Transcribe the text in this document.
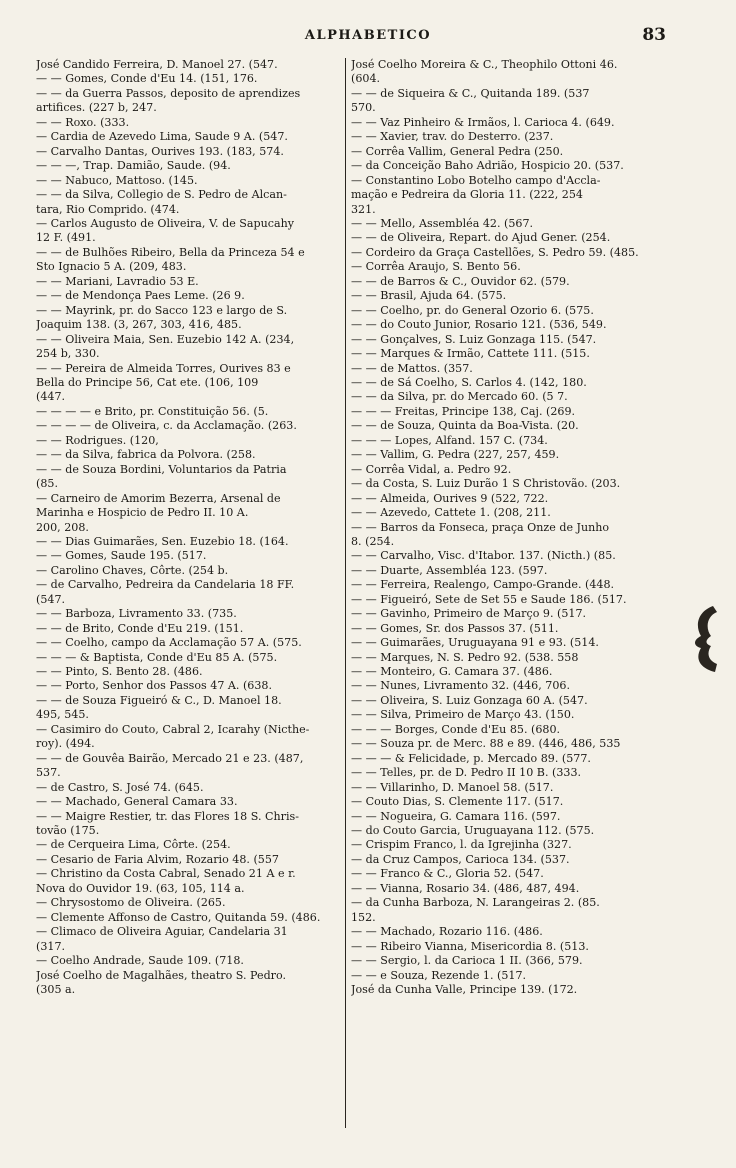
ALPHABETICO	83
José Candido Ferreira, D. Manoel 27. (547.
— — Gomes, Conde d'Eu 14. (151, 176.
— — da Guerra Passos, deposito de aprendizes
artifices. (227 b, 247.
— — Roxo. (333.
— Cardia de Azevedo Lima, Saude 9 A. (547.
— Carvalho Dantas, Ourives 193. (183, 574.
— — —, Trap. Damião, Saude. (94.
— — Nabuco, Mattoso. (145.
— — da Silva, Collegio de S. Pedro de Alcan-
tara, Rio Comprido. (474.
— Carlos Augusto de Oliveira, V. de Sapucahy
12 F. (491.
— — de Bulhões Ribeiro, Bella da Princeza 54 e
Sto Ignacio 5 A. (209, 483.
— — Mariani, Lavradio 53 E.
— — de Mendonça Paes Leme. (26 9.
— — Mayrink, pr. do Sacco 123 e largo de S.
Joaquim 138. (3, 267, 303, 416, 485.
— — Oliveira Maia, Sen. Euzebio 142 A. (234,
254 b, 330.
— — Pereira de Almeida Torres, Ourives 83 e
Bella do Principe 56, Cat ete. (106, 109
(447.
— — — — e Brito, pr. Constituição 56. (5.
— — — — de Oliveira, c. da Acclamação. (263.
— — Rodrigues. (120,
— — da Silva, fabrica da Polvora. (258.
— — de Souza Bordini, Voluntarios da Patria
(85.
— Carneiro de Amorim Bezerra, Arsenal de
Marinha e Hospicio de Pedro II. 10 A.
200, 208.
— — Dias Guimarães, Sen. Euzebio 18. (164.
— — Gomes, Saude 195. (517.
— Carolino Chaves, Côrte. (254 b.
— de Carvalho, Pedreira da Candelaria 18 FF.
(547.
— — Barboza, Livramento 33. (735.
— — de Brito, Conde d'Eu 219. (151.
— — Coelho, campo da Acclamação 57 A. (575.
— — — & Baptista, Conde d'Eu 85 A. (575.
— — Pinto, S. Bento 28. (486.
— — Porto, Senhor dos Passos 47 A. (638.
— — de Souza Figueiró & C., D. Manoel 18.
495, 545.
— Casimiro do Couto, Cabral 2, Icarahy (Nicthe-
roy). (494.
— — de Gouvêa Bairão, Mercado 21 e 23. (487,
537.
— de Castro, S. José 74. (645.
— — Machado, General Camara 33.
— — Maigre Restier, tr. das Flores 18 S. Chris-
tovão (175.
— de Cerqueira Lima, Côrte. (254.
— Cesario de Faria Alvim, Rozario 48. (557
— Christino da Costa Cabral, Senado 21 A e r.
Nova do Ouvidor 19. (63, 105, 114 a.
— Chrysostomo de Oliveira. (265.
— Clemente Affonso de Castro, Quitanda 59. (486.
— Climaco de Oliveira Aguiar, Candelaria 31
(317.
— Coelho Andrade, Saude 109. (718.
José Coelho de Magalhães, theatro S. Pedro.
(305 a.
José Coelho Moreira & C., Theophilo Ottoni 46.
(604.
— — de Siqueira & C., Quitanda 189. (537
570.
— — Vaz Pinheiro & Irmãos, l. Carioca 4. (649.
— — Xavier, trav. do Desterro. (237.
— Corrêa Vallim, General Pedra (250.
— da Conceição Baho Adrião, Hospicio 20. (537.
— Constantino Lobo Botelho campo d'Accla-
mação e Pedreira da Gloria 11. (222, 254
321.
— — Mello, Assembléa 42. (567.
— — de Oliveira, Repart. do Ajud Gener. (254.
— Cordeiro da Graça Castellões, S. Pedro 59. (485.
— Corrêa Araujo, S. Bento 56.
— — de Barros & C., Ouvidor 62. (579.
— — Brasil, Ajuda 64. (575.
— — Coelho, pr. do General Ozorio 6. (575.
— — do Couto Junior, Rosario 121. (536, 549.
— — Gonçalves, S. Luiz Gonzaga 115. (547.
— — Marques & Irmão, Cattete 111. (515.
— — de Mattos. (357.
— — de Sá Coelho, S. Carlos 4. (142, 180.
— — da Silva, pr. do Mercado 60. (5 7.
— — — Freitas, Principe 138, Caj. (269.
— — de Souza, Quinta da Boa-Vista. (20.
— — — Lopes, Alfand. 157 C. (734.
— — Vallim, G. Pedra (227, 257, 459.
— Corrêa Vidal, a. Pedro 92.
— da Costa, S. Luiz Durão 1 S Christovão. (203.
— — Almeida, Ourives 9 (522, 722.
— — Azevedo, Cattete 1. (208, 211.
— — Barros da Fonseca, praça Onze de Junho
8. (254.
— — Carvalho, Visc. d'Itabor. 137. (Nicth.) (85.
— — Duarte, Assembléa 123. (597.
— — Ferreira, Realengo, Campo-Grande. (448.
— — Figueiró, Sete de Set 55 e Saude 186. (517.
— — Gavinho, Primeiro de Março 9. (517.
— — Gomes, Sr. dos Passos 37. (511.
— — Guimarães, Uruguayana 91 e 93. (514.
— — Marques, N. S. Pedro 92. (538. 558
— — Monteiro, G. Camara 37. (486.
— — Nunes, Livramento 32. (446, 706.
— — Oliveira, S. Luiz Gonzaga 60 A. (547.
— — Silva, Primeiro de Março 43. (150.
— — — Borges, Conde d'Eu 85. (680.
— — Souza pr. de Merc. 88 e 89. (446, 486, 535
— — — & Felicidade, p. Mercado 89. (577.
— — Telles, pr. de D. Pedro II 10 B. (333.
— — Villarinho, D. Manoel 58. (517.
— Couto Dias, S. Clemente 117. (517.
— — Nogueira, G. Camara 116. (597.
— do Couto Garcia, Uruguayana 112. (575.
— Crispim Franco, l. da Igrejinha (327.
— da Cruz Campos, Carioca 134. (537.
— — Franco & C., Gloria 52. (547.
— — Vianna, Rosario 34. (486, 487, 494.
— da Cunha Barboza, N. Larangeiras 2. (85.
152.
— — Machado, Rozario 116. (486.
— — Ribeiro Vianna, Misericordia 8. (513.
— — Sergio, l. da Carioca 1 II. (366, 579.
— — e Souza, Rezende 1. (517.
José da Cunha Valle, Principe 139. (172.
